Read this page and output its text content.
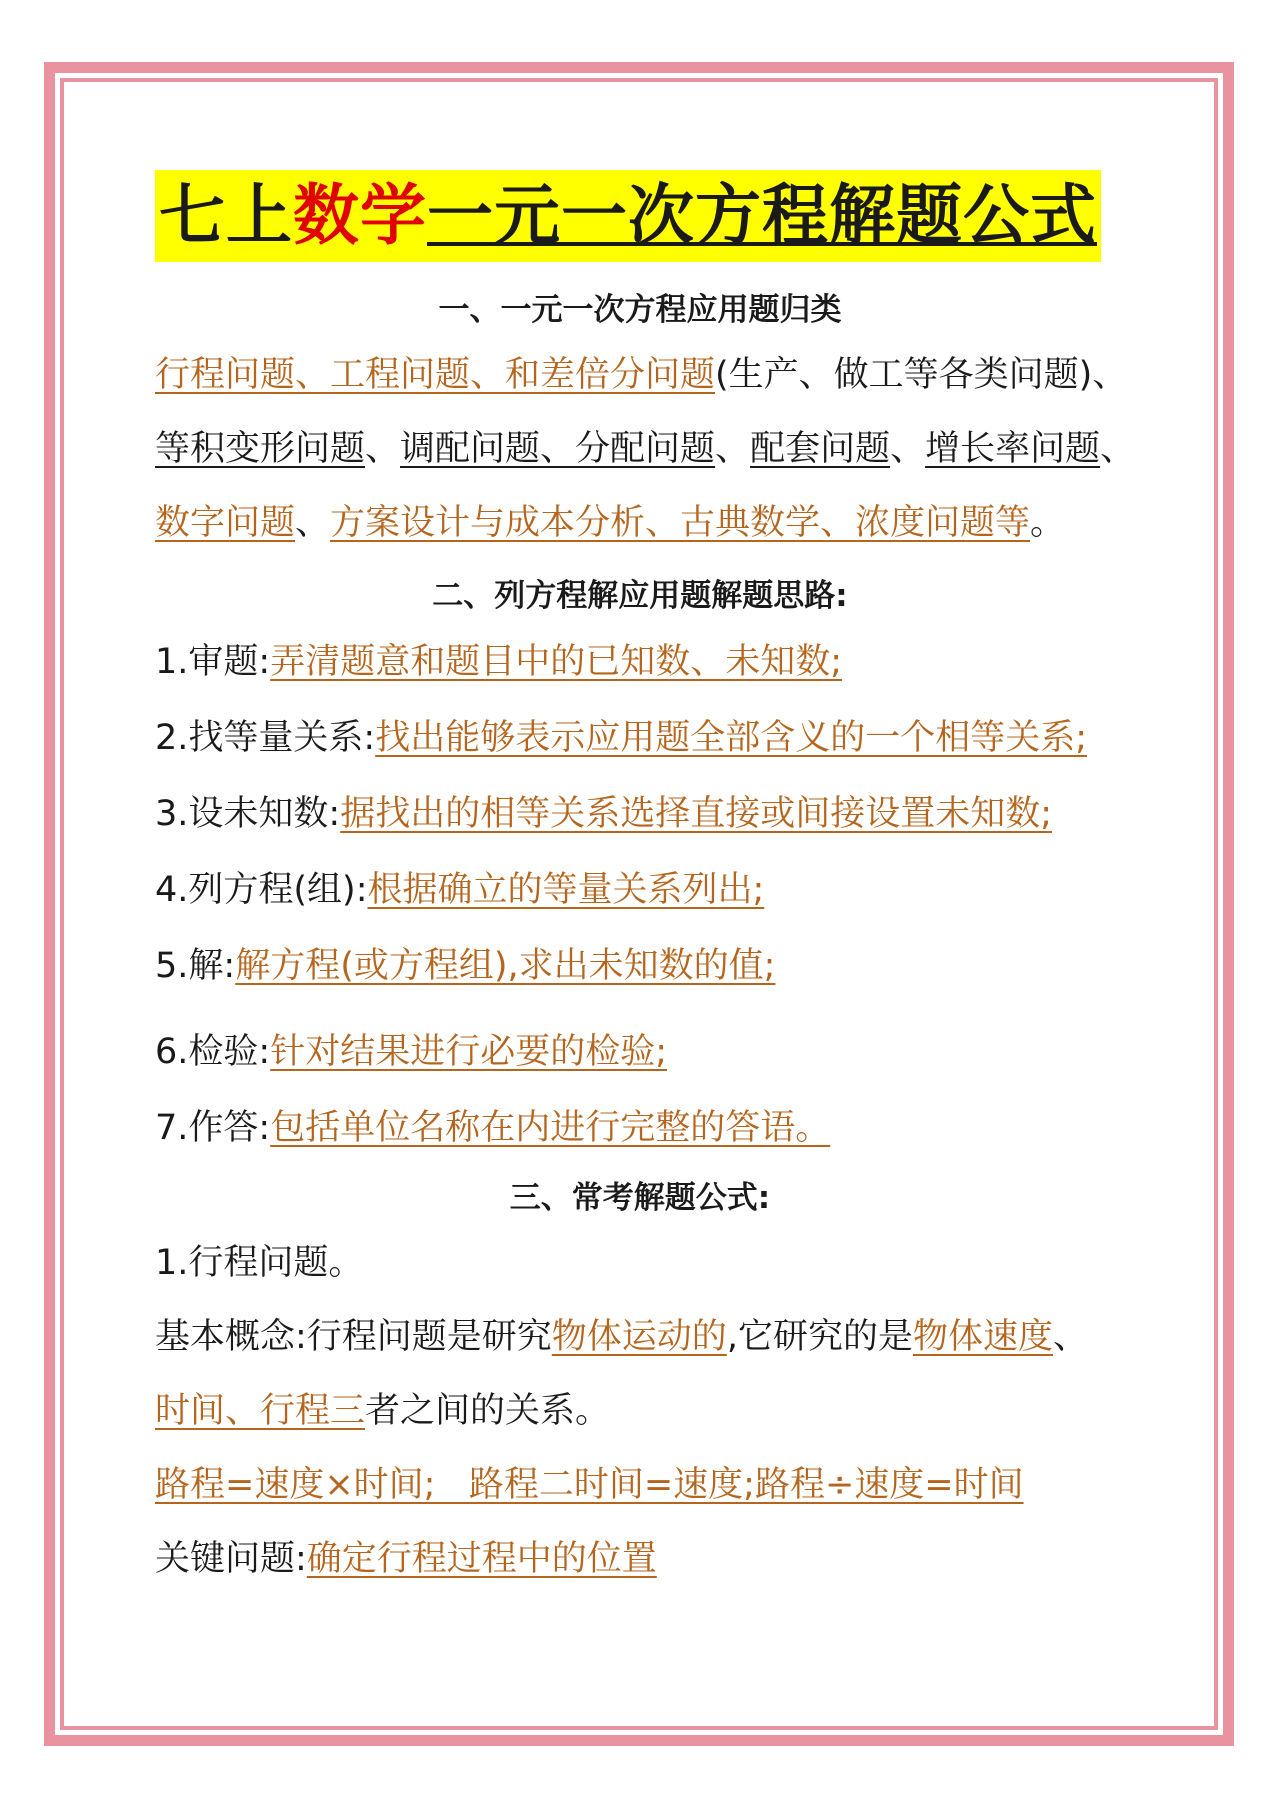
七上数学一元一次方程解题公式
一、一元一次方程应用题归类
行程问题、工程问题、和差倍分问题(生产、做工等各类问题)、
等积变形问题、调配问题、分配问题、配套问题、增长率问题、
数字问题、方案设计与成本分析、古典数学、浓度问题等。
二、列方程解应用题解题思路:
1.审题:弄清题意和题目中的已知数、未知数;
2.找等量关系:找出能够表示应用题全部含义的一个相等关系;
3.设未知数:据找出的相等关系选择直接或间接设置未知数;
4.列方程(组):根据确立的等量关系列出;
5.解:解方程(或方程组),求出未知数的值;
6.检验:针对结果进行必要的检验;
7.作答:包括单位名称在内进行完整的答语。
三、常考解题公式:
1.行程问题。
基本概念:行程问题是研究物体运动的,它研究的是物体速度、
时间、行程三者之间的关系。
路程=速度×时间;   路程二时间=速度;路程÷速度=时间
关键问题:确定行程过程中的位置
